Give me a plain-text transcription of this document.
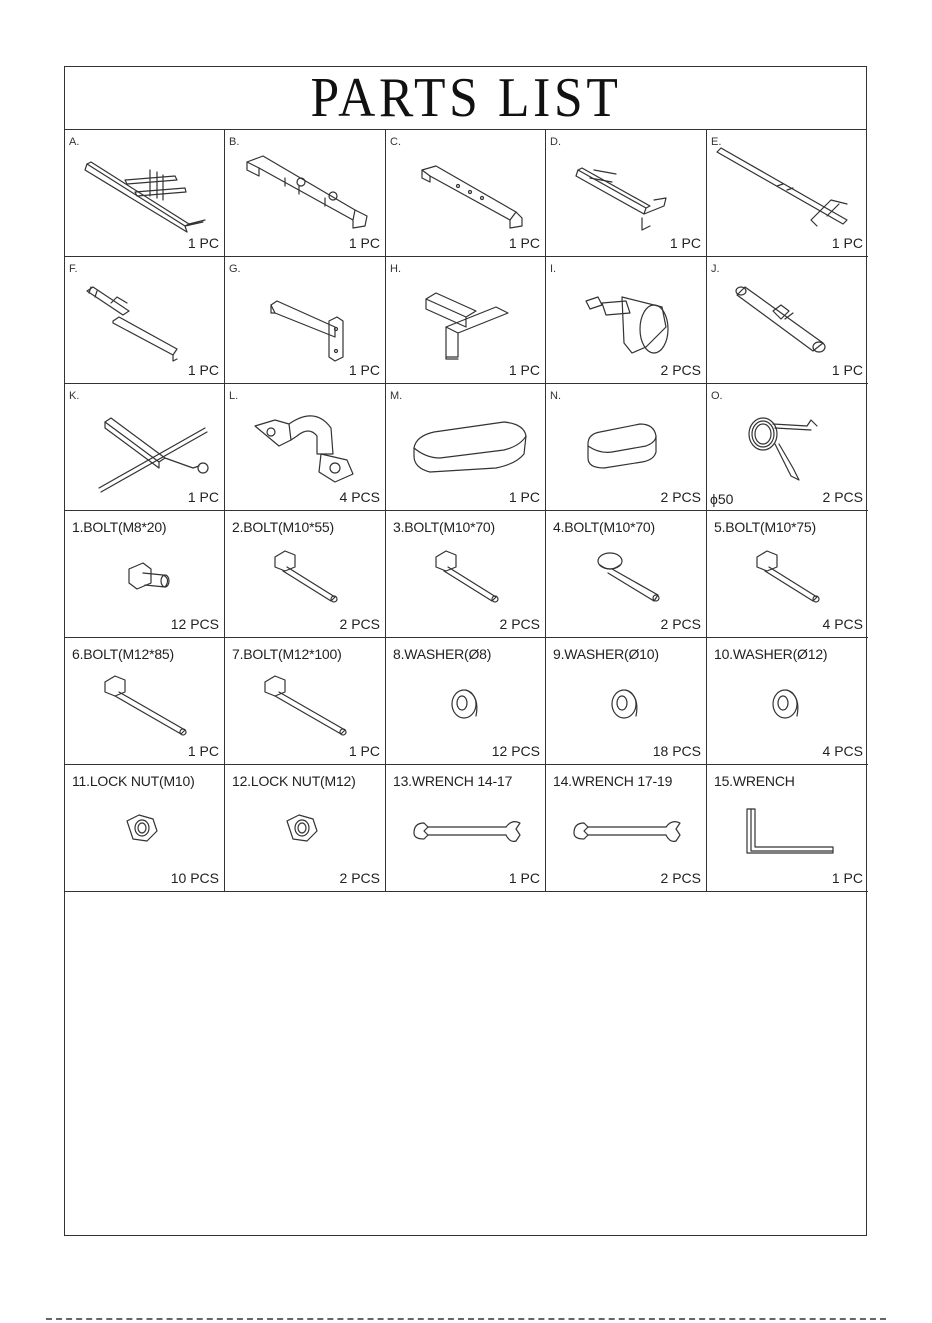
PARTS LIST
A.
1 PC
B.
1 PC
C.
1 PC
D.
1 PC
E.
1 PC
F.
1 PC
G.
1 PC
H.
1 PC
I.
2 PCS
J.
1 PC
K.
1 PC
L.
4 PCS
M.
1 PC
N.
2 PCS
O.
ϕ50	2 PCS
1.BOLT(M8*20)
12 PCS
2.BOLT(M10*55)
2 PCS
3.BOLT(M10*70)
2 PCS
4.BOLT(M10*70)
2 PCS
5.BOLT(M10*75)
4 PCS
6.BOLT(M12*85)
1 PC
7.BOLT(M12*100)
1 PC
8.WASHER(Ø8)
12 PCS
9.WASHER(Ø10)
18 PCS
10.WASHER(Ø12)
4 PCS
11.LOCK NUT(M10)
10 PCS
12.LOCK NUT(M12)
2 PCS
13.WRENCH 14-17
1 PC
14.WRENCH 17-19
2 PCS
15.WRENCH
1 PC
